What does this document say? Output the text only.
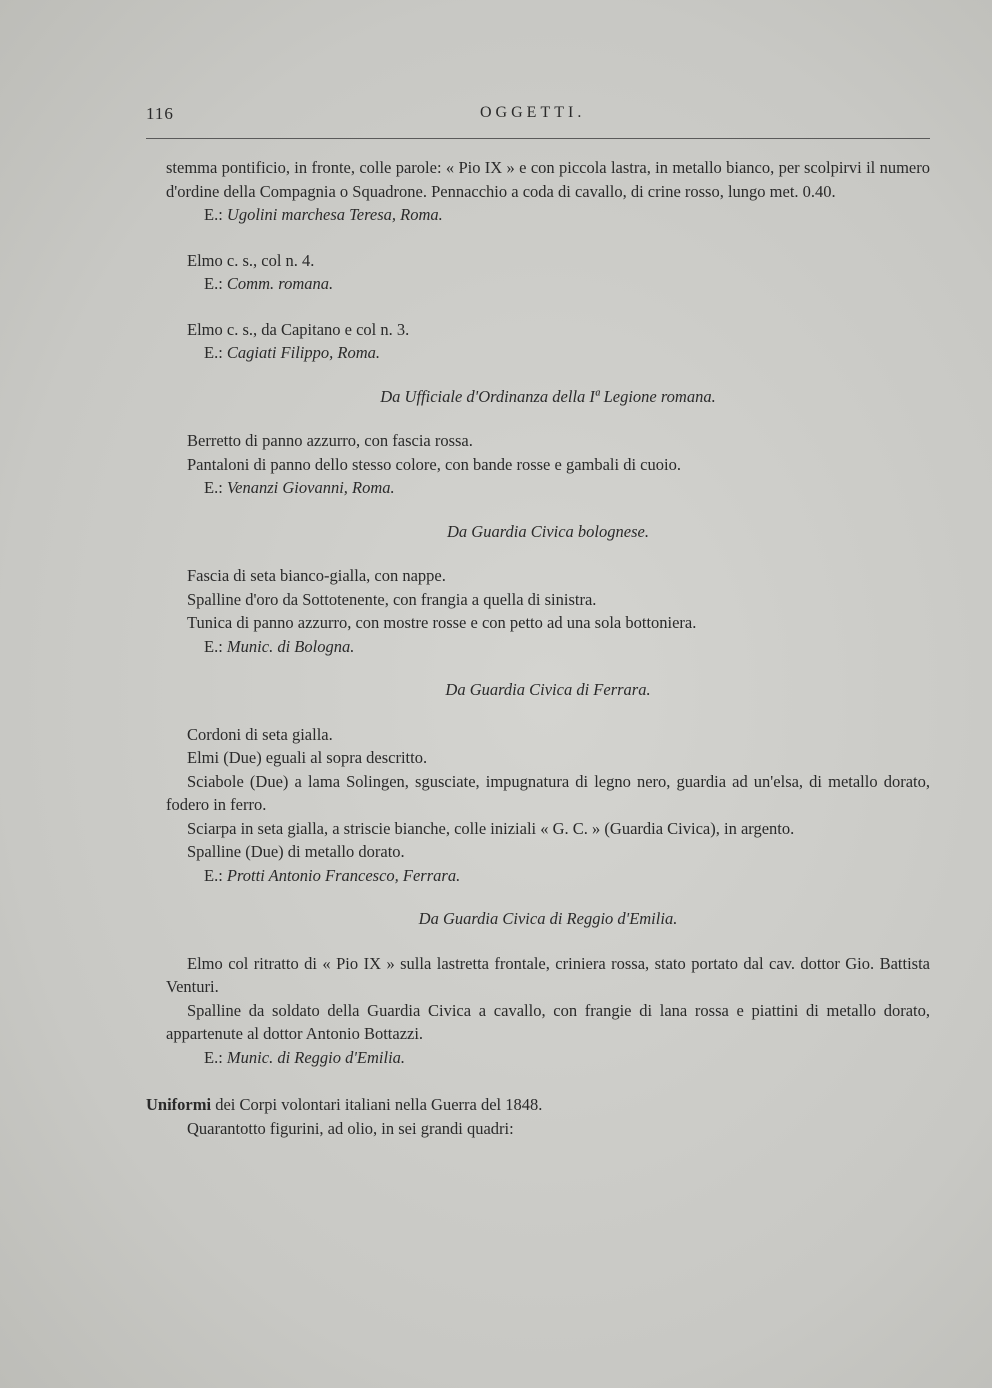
116	OGGETTI.

stemma pontificio, in fronte, colle parole: « Pio IX » e con piccola lastra, in metallo bianco, per scolpirvi il numero d'ordine della Compagnia o Squadrone. Pennacchio a coda di cavallo, di crine rosso, lungo met. 0.40.

E.: Ugolini marchesa Teresa, Roma.

Elmo c. s., col n. 4.

E.: Comm. romana.

Elmo c. s., da Capitano e col n. 3.

E.: Cagiati Filippo, Roma.

Da Ufficiale d'Ordinanza della Iª Legione romana.

Berretto di panno azzurro, con fascia rossa.

Pantaloni di panno dello stesso colore, con bande rosse e gambali di cuoio.

E.: Venanzi Giovanni, Roma.

Da Guardia Civica bolognese.

Fascia di seta bianco-gialla, con nappe.

Spalline d'oro da Sottotenente, con frangia a quella di sinistra.

Tunica di panno azzurro, con mostre rosse e con petto ad una sola bottoniera.

E.: Munic. di Bologna.

Da Guardia Civica di Ferrara.

Cordoni di seta gialla.

Elmi (Due) eguali al sopra descritto.

Sciabole (Due) a lama Solingen, sgusciate, impugnatura di legno nero, guardia ad un'elsa, di metallo dorato, fodero in ferro.

Sciarpa in seta gialla, a striscie bianche, colle iniziali « G. C. » (Guardia Civica), in argento.

Spalline (Due) di metallo dorato.

E.: Protti Antonio Francesco, Ferrara.

Da Guardia Civica di Reggio d'Emilia.

Elmo col ritratto di « Pio IX » sulla lastretta frontale, criniera rossa, stato portato dal cav. dottor Gio. Battista Venturi.

Spalline da soldato della Guardia Civica a cavallo, con frangie di lana rossa e piattini di metallo dorato, appartenute al dottor Antonio Bottazzi.

E.: Munic. di Reggio d'Emilia.

Uniformi dei Corpi volontari italiani nella Guerra del 1848.

Quarantotto figurini, ad olio, in sei grandi quadri:
